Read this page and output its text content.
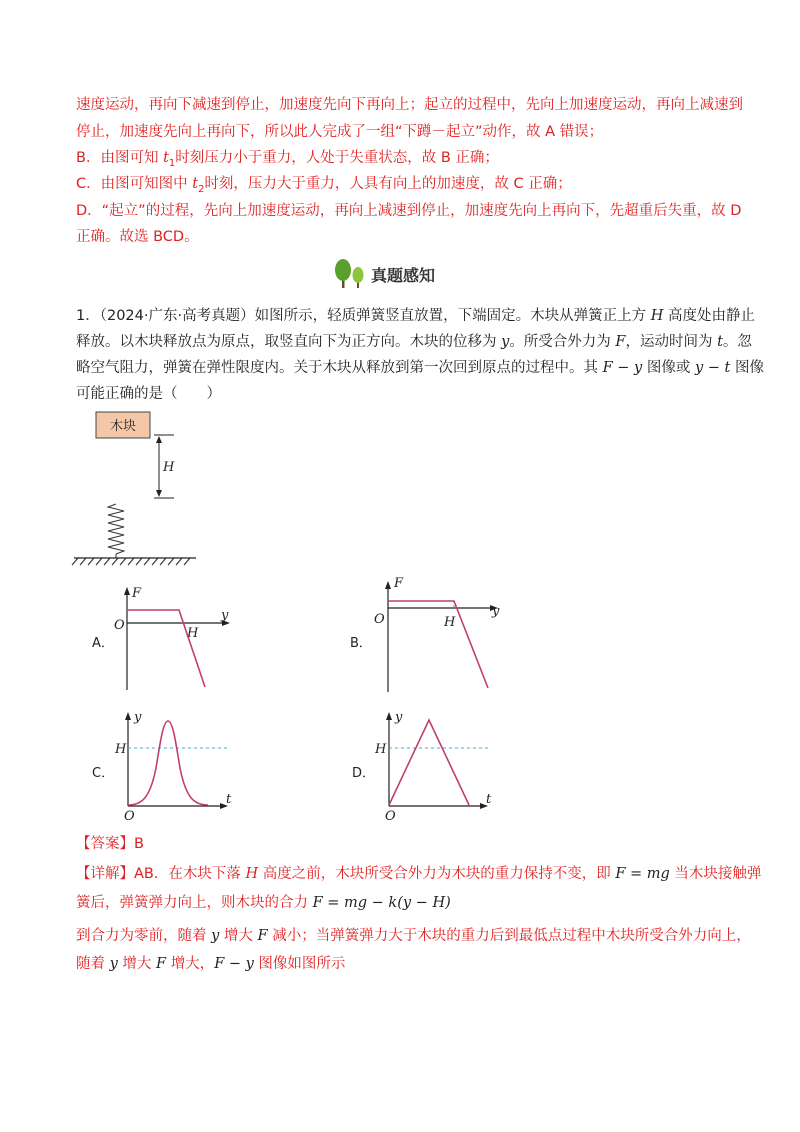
速度运动，再向下减速到停止，加速度先向下再向上；起立的过程中，先向上加速度运动，再向上减速到
停止，加速度先向上再向下，所以此人完成了一组“下蹲－起立”动作，故 A 错误；
B．由图可知 $t_1$时刻压力小于重力，人处于失重状态，故 B 正确；
C．由图可知图中 $t_2$时刻，压力大于重力，人具有向上的加速度，故 C 正确；
D．“起立”的过程，先向上加速度运动，再向上减速到停止，加速度先向上再向下，先超重后失重，故 D
正确。故选 BCD。
真题感知
1．（2024·广东·高考真题）如图所示，轻质弹簧竖直放置，下端固定。木块从弹簧正上方 H 高度处由静止
释放。以木块释放点为原点，取竖直向下为正方向。木块的位移为 y。所受合外力为 F，运动时间为 t。忽
略空气阻力，弹簧在弹性限度内。关于木块从释放到第一次回到原点的过程中。其 F − y 图像或 y − t 图像
可能正确的是（　　）
木块
H
A．
F
y
O
H
B．
F
y
O	H
C．
y
t
O
H
D．
y
t
O
H
【答案】B
【详解】AB．在木块下落 H 高度之前，木块所受合外力为木块的重力保持不变，即 F = mg 当木块接触弹
簧后，弹簧弹力向上，则木块的合力 F = mg − k(y − H)
到合力为零前，随着 y 增大 F 减小；当弹簧弹力大于木块的重力后到最低点过程中木块所受合外力向上，
随着 y 增大 F 增大，F − y 图像如图所示
